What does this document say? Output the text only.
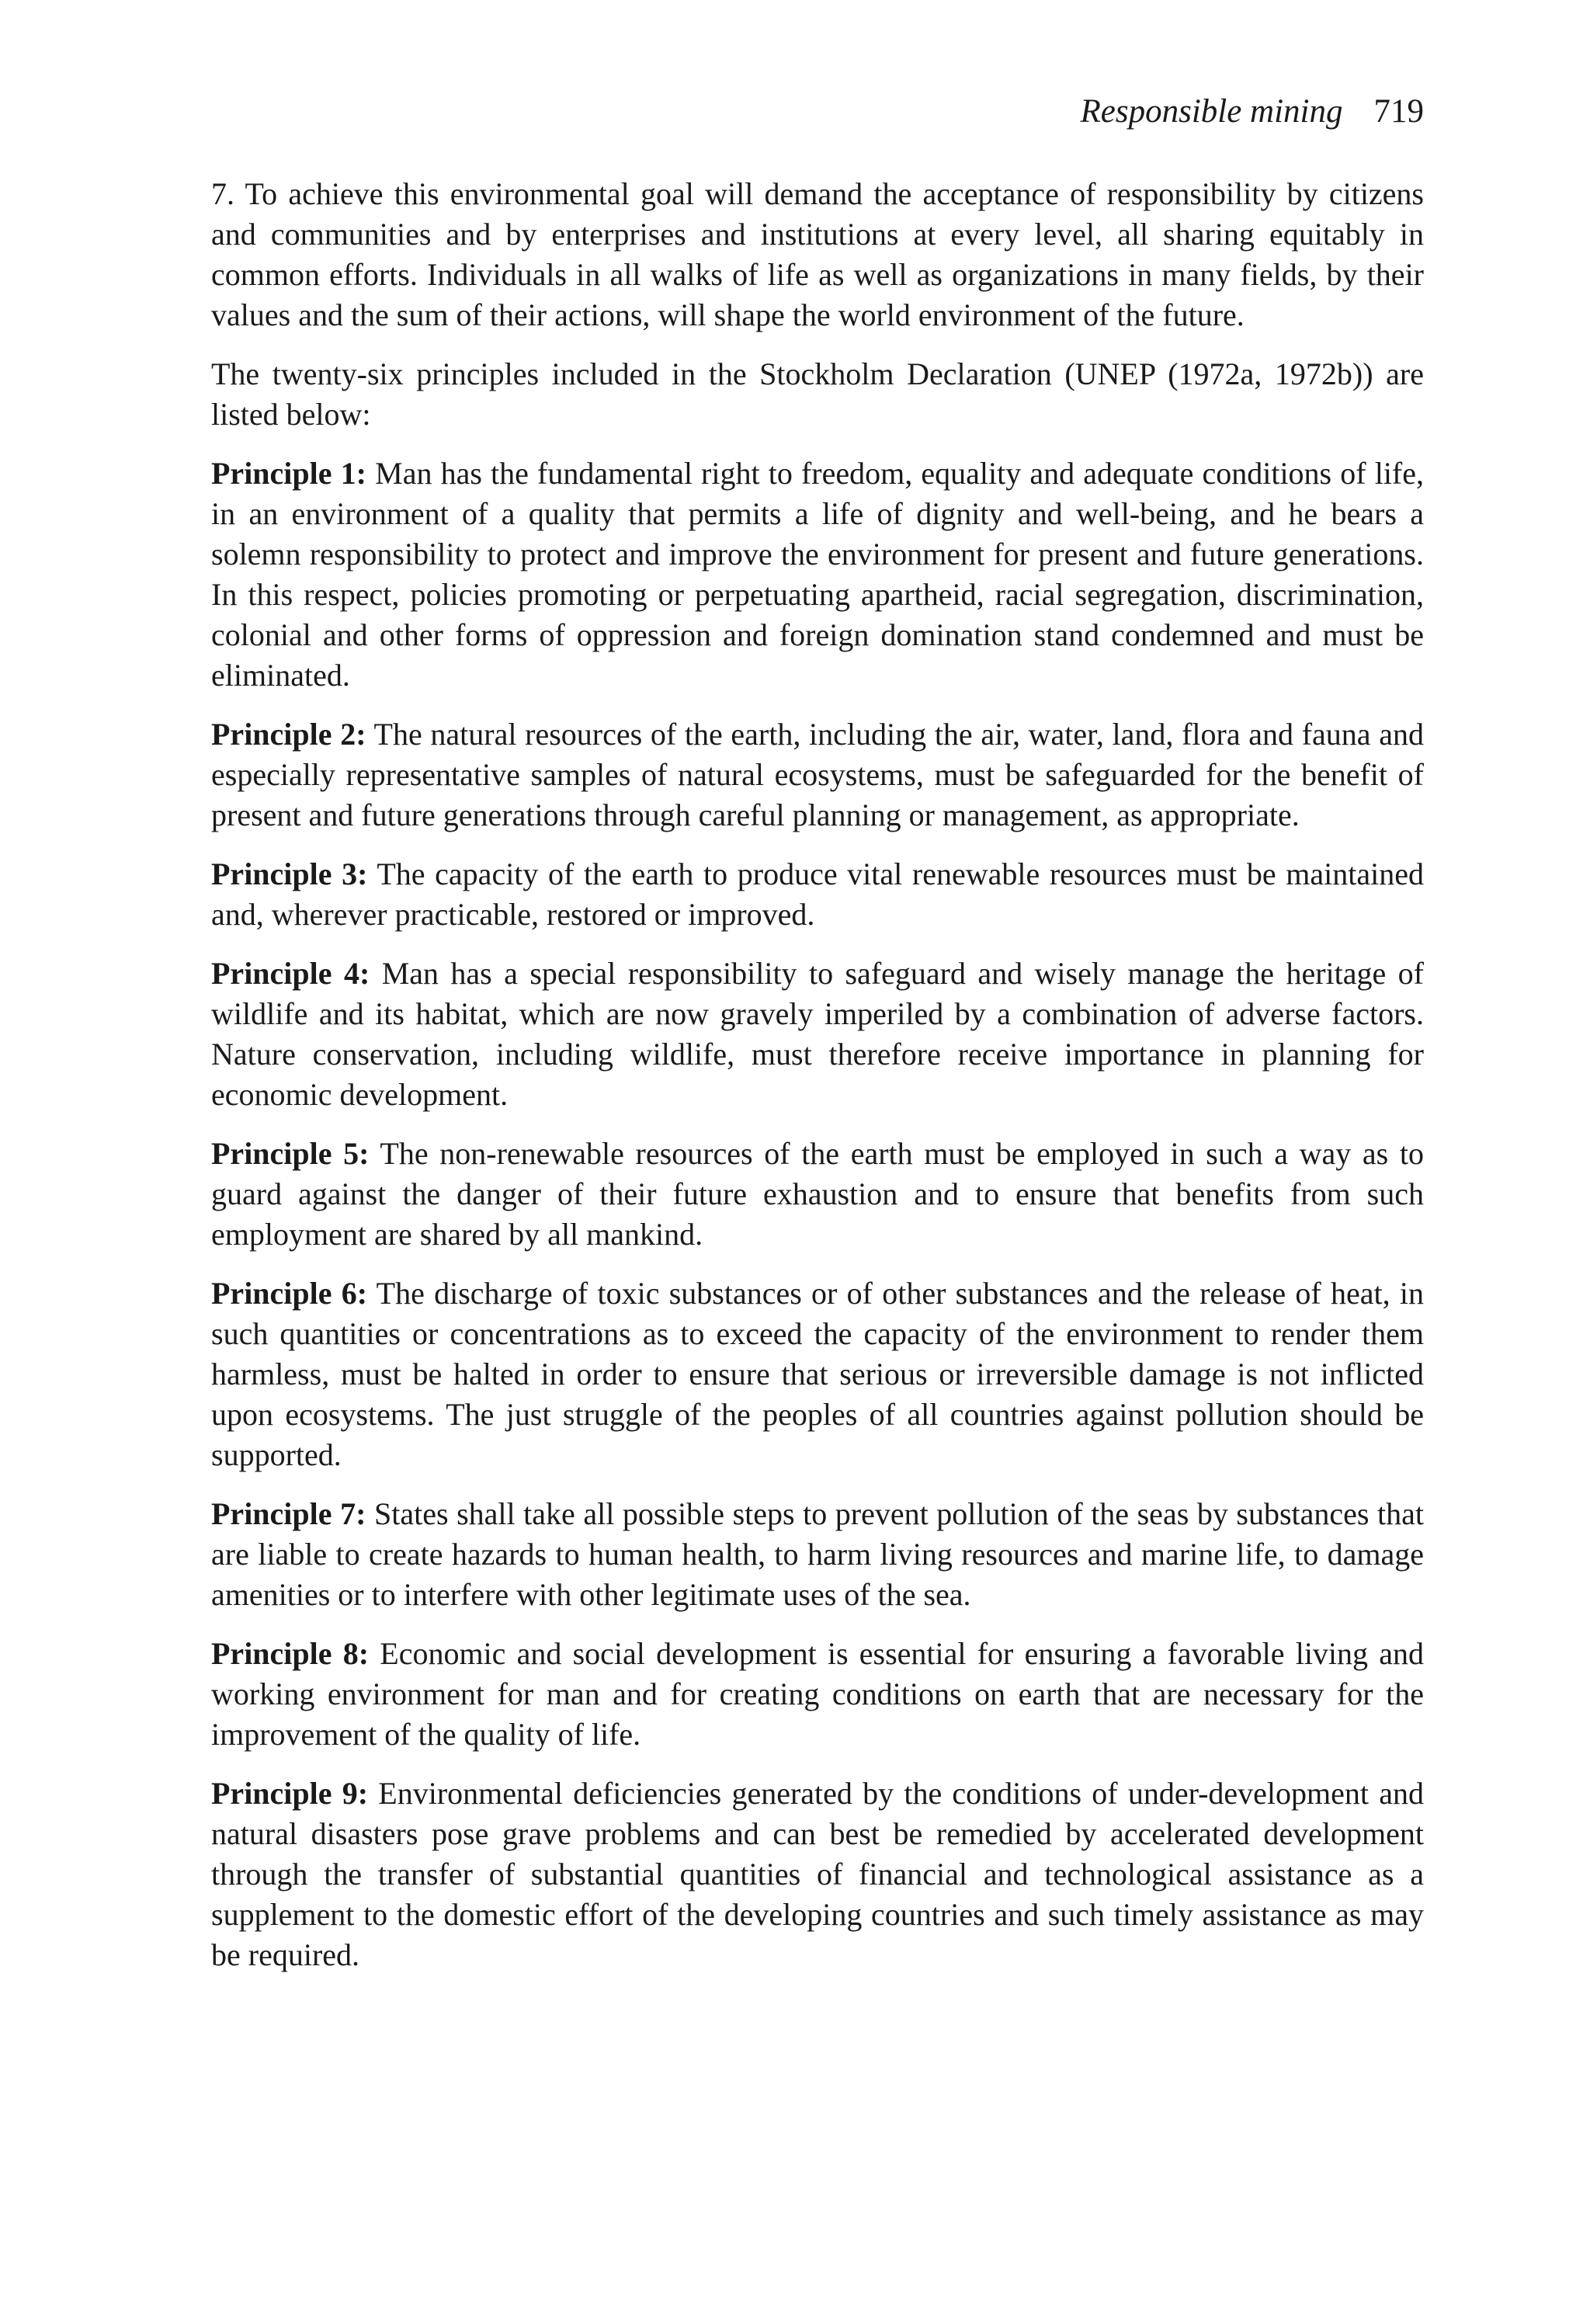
Responsible mining 719

7. To achieve this environmental goal will demand the acceptance of responsibility by citizens and communities and by enterprises and institutions at every level, all sharing equitably in common efforts. Individuals in all walks of life as well as organizations in many fields, by their values and the sum of their actions, will shape the world environment of the future.

The twenty-six principles included in the Stockholm Declaration (UNEP (1972a, 1972b)) are listed below:

Principle 1: Man has the fundamental right to freedom, equality and adequate conditions of life, in an environment of a quality that permits a life of dignity and well-being, and he bears a solemn responsibility to protect and improve the environment for present and future generations. In this respect, policies promoting or perpetuating apartheid, racial segregation, discrimination, colonial and other forms of oppression and foreign domination stand condemned and must be eliminated.

Principle 2: The natural resources of the earth, including the air, water, land, flora and fauna and especially representative samples of natural ecosystems, must be safeguarded for the benefit of present and future generations through careful planning or management, as appropriate.

Principle 3: The capacity of the earth to produce vital renewable resources must be maintained and, wherever practicable, restored or improved.

Principle 4: Man has a special responsibility to safeguard and wisely manage the heritage of wildlife and its habitat, which are now gravely imperiled by a combination of adverse factors. Nature conservation, including wildlife, must therefore receive importance in planning for economic development.

Principle 5: The non-renewable resources of the earth must be employed in such a way as to guard against the danger of their future exhaustion and to ensure that benefits from such employment are shared by all mankind.

Principle 6: The discharge of toxic substances or of other substances and the release of heat, in such quantities or concentrations as to exceed the capacity of the environment to render them harmless, must be halted in order to ensure that serious or irreversible damage is not inflicted upon ecosystems. The just struggle of the peoples of all countries against pollution should be supported.

Principle 7: States shall take all possible steps to prevent pollution of the seas by substances that are liable to create hazards to human health, to harm living resources and marine life, to damage amenities or to interfere with other legitimate uses of the sea.

Principle 8: Economic and social development is essential for ensuring a favorable living and working environment for man and for creating conditions on earth that are necessary for the improvement of the quality of life.

Principle 9: Environmental deficiencies generated by the conditions of under-development and natural disasters pose grave problems and can best be remedied by accelerated development through the transfer of substantial quantities of financial and technological assistance as a supplement to the domestic effort of the developing countries and such timely assistance as may be required.
